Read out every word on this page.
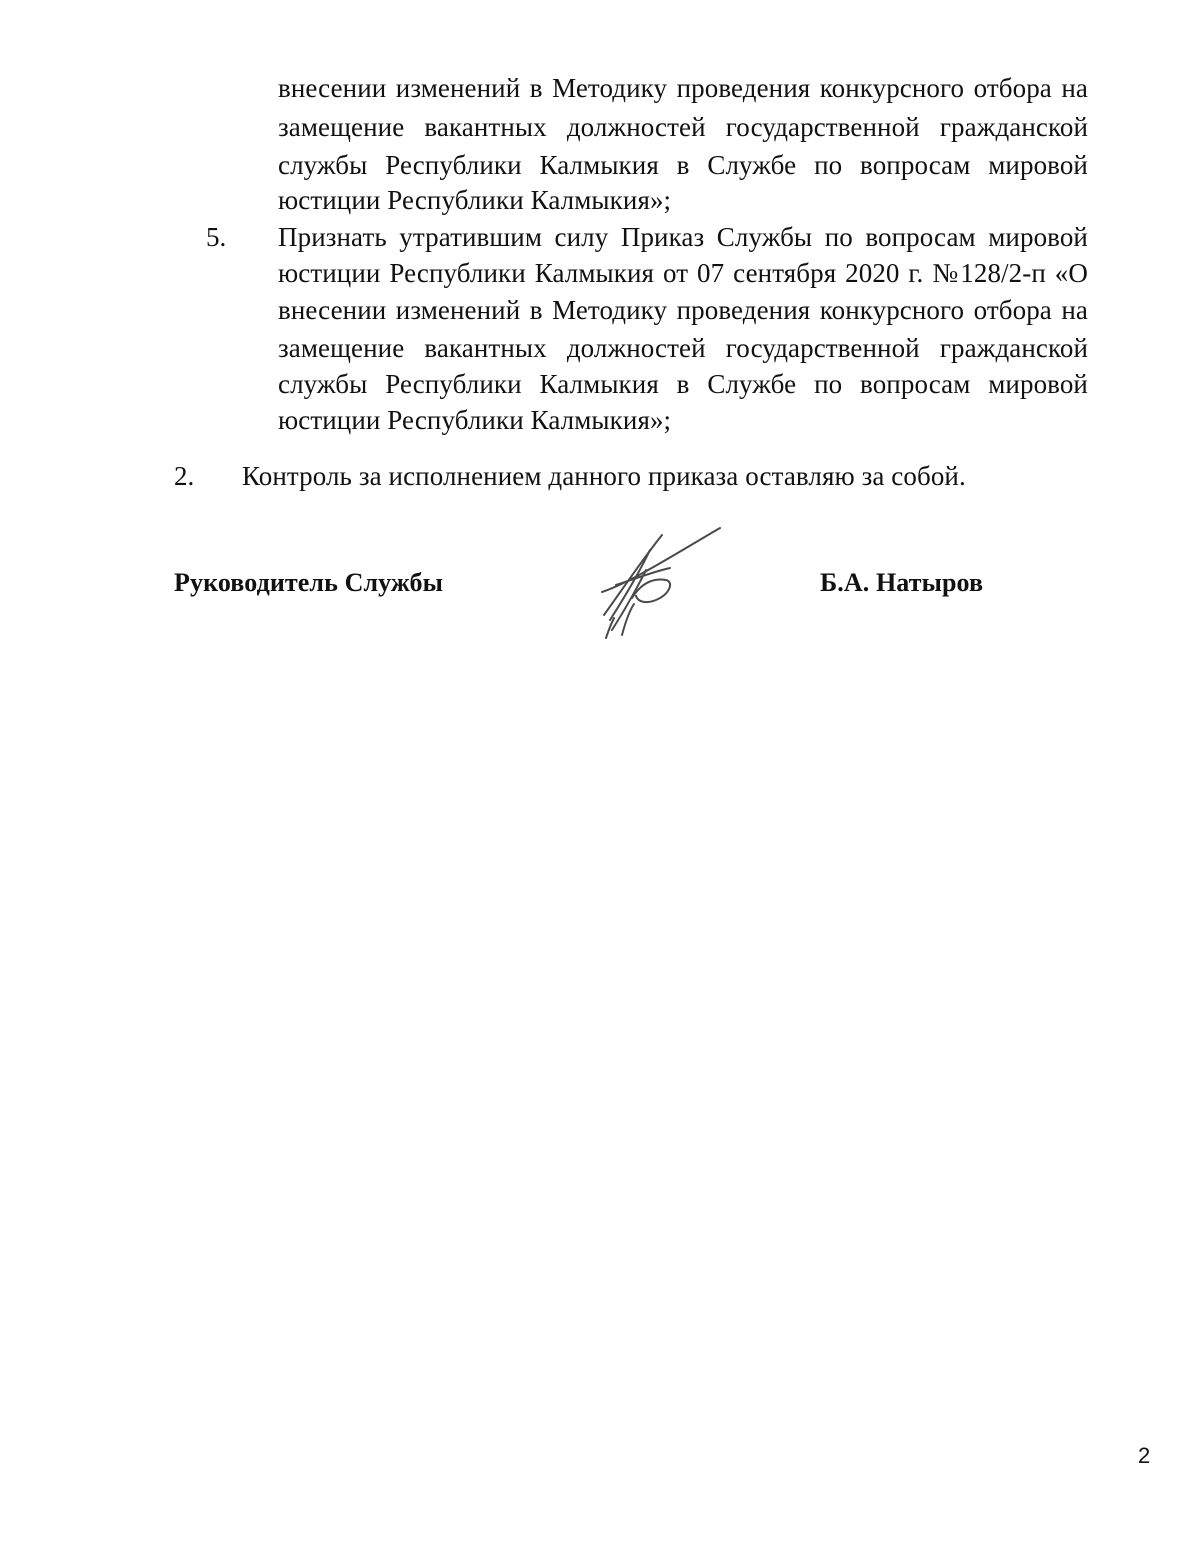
внесении изменений в Методику проведения конкурсного отбора на
замещение вакантных должностей государственной гражданской
службы Республики Калмыкия в Службе по вопросам мировой
юстиции Республики Калмыкия»;
5. Признать утратившим силу Приказ Службы по вопросам мировой
юстиции Республики Калмыкия от 07 сентября 2020 г. №128/2-п «О
внесении изменений в Методику проведения конкурсного отбора на
замещение вакантных должностей государственной гражданской
службы Республики Калмыкия в Службе по вопросам мировой
юстиции Республики Калмыкия»;
2. Контроль за исполнением данного приказа оставляю за собой.
Руководитель Службы	Б.А. Натыров
2
